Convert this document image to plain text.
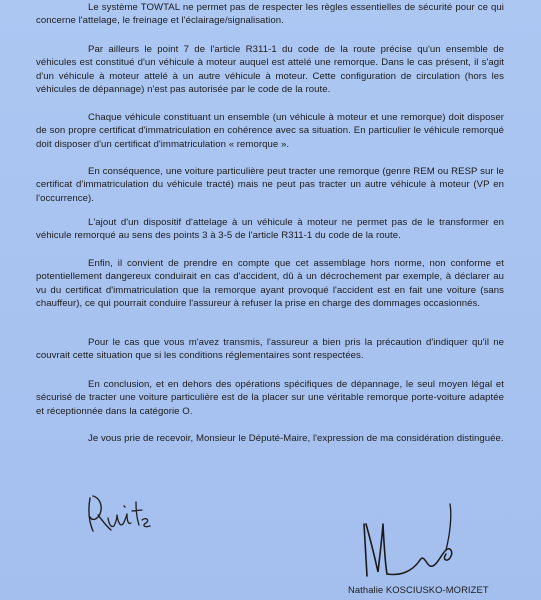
Le système TOWTAL ne permet pas de respecter les règles essentielles de sécurité pour ce qui concerne l'attelage, le freinage et l'éclairage/signalisation.

Par ailleurs le point 7 de l'article R311-1 du code de la route précise qu'un ensemble de véhicules est constitué d'un véhicule à moteur auquel est attelé une remorque. Dans le cas présent, il s'agit d'un véhicule à moteur attelé à un autre véhicule à moteur. Cette configuration de circulation (hors les véhicules de dépannage) n'est pas autorisée par le code de la route.

Chaque véhicule constituant un ensemble (un véhicule à moteur et une remorque) doit disposer de son propre certificat d'immatriculation en cohérence avec sa situation. En particulier le véhicule remorqué doit disposer d'un certificat d'immatriculation « remorque ».

En conséquence, une voiture particulière peut tracter une remorque (genre REM ou RESP sur le certificat d'immatriculation du véhicule tracté) mais ne peut pas tracter un autre véhicule à moteur (VP en l'occurrence).

L'ajout d'un dispositif d'attelage à un véhicule à moteur ne permet pas de le transformer en véhicule remorqué au sens des points 3 à 3-5 de l'article R311-1 du code de la route.

Enfin, il convient de prendre en compte que cet assemblage hors norme, non conforme et potentiellement dangereux conduirait en cas d'accident, dû à un décrochement par exemple, à déclarer au vu du certificat d'immatriculation que la remorque ayant provoqué l'accident est en fait une voiture (sans chauffeur), ce qui pourrait conduire l'assureur à refuser la prise en charge des dommages occasionnés.

Pour le cas que vous m'avez transmis, l'assureur a bien pris la précaution d'indiquer qu'il ne couvrait cette situation que si les conditions réglementaires sont respectées.

En conclusion, et en dehors des opérations spécifiques de dépannage, le seul moyen légal et sécurisé de tracter une voiture particulière est de la placer sur une véritable remorque porte-voiture adaptée et réceptionnée dans la catégorie O.

Je vous prie de recevoir, Monsieur le Député-Maire, l'expression de ma considération distinguée.

Nathalie KOSCIUSKO-MORIZET
